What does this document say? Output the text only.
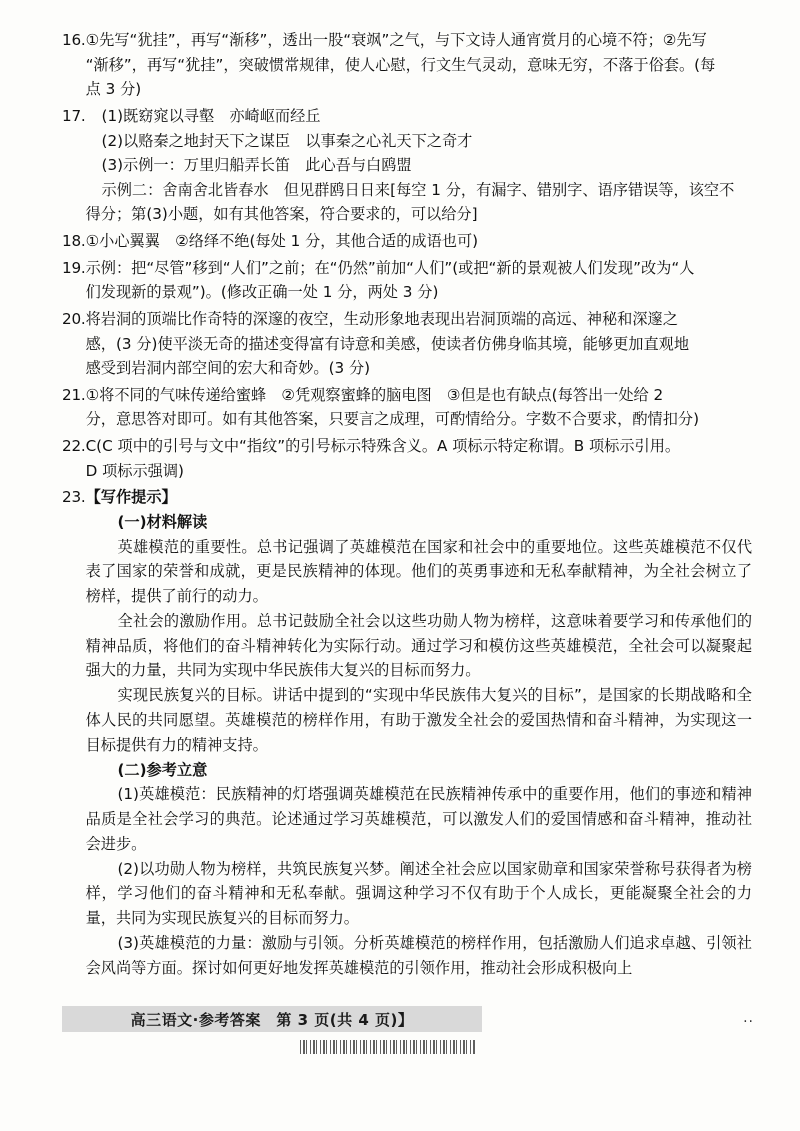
16. ①先写“犹挂”，再写“渐移”，透出一股“衰飒”之气，与下文诗人通宵赏月的心境不符；②先写

“渐移”，再写“犹挂”，突破惯常规律，使人心慰，行文生气灵动，意味无穷，不落于俗套。(每

点 3 分)

17.	(1)既窈窕以寻壑　亦崎岖而经丘

(2)以赂秦之地封天下之谋臣　以事秦之心礼天下之奇才

(3)示例一：万里归船弄长笛　此心吾与白鸥盟

示例二：舍南舍北皆春水　但见群鸥日日来[每空 1 分，有漏字、错别字、语序错误等，该空不

得分；第(3)小题，如有其他答案，符合要求的，可以给分]

18. ①小心翼翼　②络绎不绝(每处 1 分，其他合适的成语也可)

19. 示例：把“尽管”移到“人们”之前；在“仍然”前加“人们”(或把“新的景观被人们发现”改为“人

们发现新的景观”)。(修改正确一处 1 分，两处 3 分)

20. 将岩洞的顶端比作奇特的深邃的夜空，生动形象地表现出岩洞顶端的高远、神秘和深邃之

感，(3 分)使平淡无奇的描述变得富有诗意和美感，使读者仿佛身临其境，能够更加直观地

感受到岩洞内部空间的宏大和奇妙。(3 分)

21. ①将不同的气味传递给蜜蜂　②凭观察蜜蜂的脑电图　③但是也有缺点(每答出一处给 2

分，意思答对即可。如有其他答案，只要言之成理，可酌情给分。字数不合要求，酌情扣分)

22. C(C 项中的引号与文中“指纹”的引号标示特殊含义。A 项标示特定称谓。B 项标示引用。

D 项标示强调)

23. 【写作提示】

(一)材料解读

英雄模范的重要性。总书记强调了英雄模范在国家和社会中的重要地位。这些英雄模范不仅代表了国家的荣誉和成就，更是民族精神的体现。他们的英勇事迹和无私奉献精神，为全社会树立了榜样，提供了前行的动力。

全社会的激励作用。总书记鼓励全社会以这些功勋人物为榜样，这意味着要学习和传承他们的精神品质，将他们的奋斗精神转化为实际行动。通过学习和模仿这些英雄模范，全社会可以凝聚起强大的力量，共同为实现中华民族伟大复兴的目标而努力。

实现民族复兴的目标。讲话中提到的“实现中华民族伟大复兴的目标”，是国家的长期战略和全体人民的共同愿望。英雄模范的榜样作用，有助于激发全社会的爱国热情和奋斗精神，为实现这一目标提供有力的精神支持。

(二)参考立意

(1)英雄模范：民族精神的灯塔强调英雄模范在民族精神传承中的重要作用，他们的事迹和精神品质是全社会学习的典范。论述通过学习英雄模范，可以激发人们的爱国情感和奋斗精神，推动社会进步。

(2)以功勋人物为榜样，共筑民族复兴梦。阐述全社会应以国家勋章和国家荣誉称号获得者为榜样，学习他们的奋斗精神和无私奉献。强调这种学习不仅有助于个人成长，更能凝聚全社会的力量，共同为实现民族复兴的目标而努力。

(3)英雄模范的力量：激励与引领。分析英雄模范的榜样作用，包括激励人们追求卓越、引领社会风尚等方面。探讨如何更好地发挥英雄模范的引领作用，推动社会形成积极向上

高三语文·参考答案　第 3 页(共 4 页)】	..
